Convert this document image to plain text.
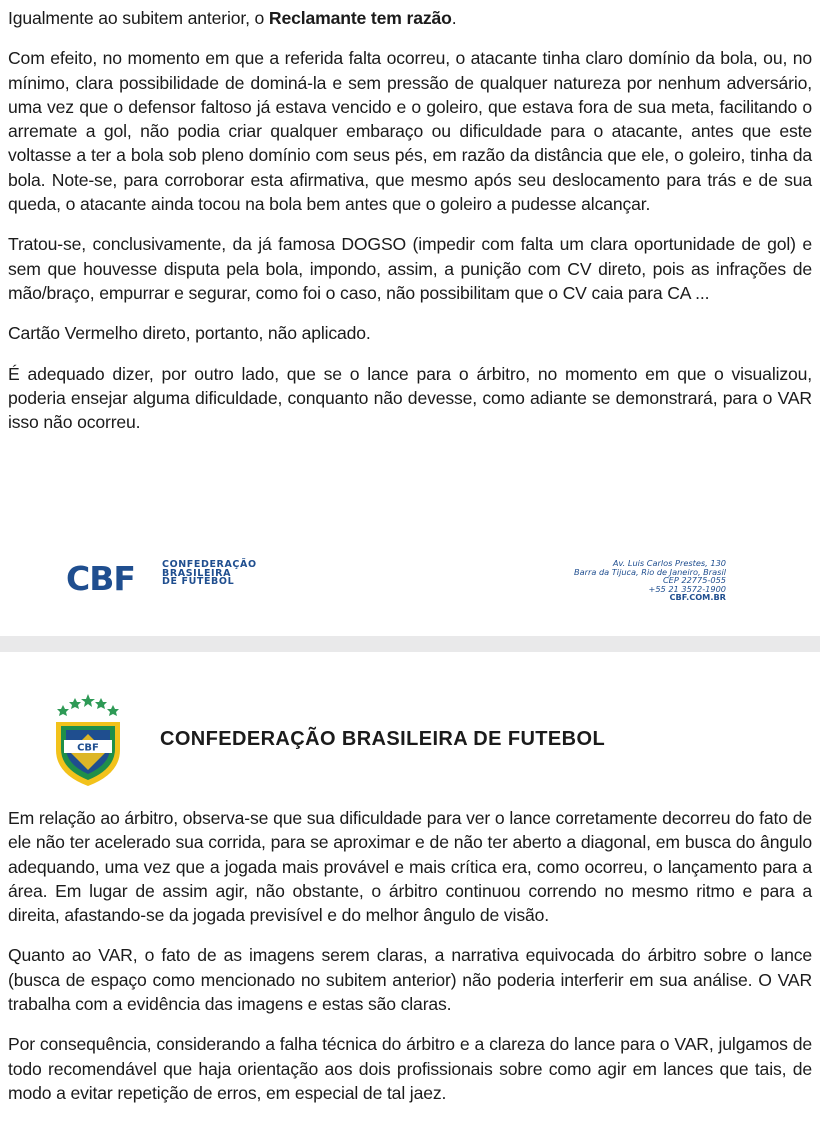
Igualmente ao subitem anterior, o Reclamante tem razão.

Com efeito, no momento em que a referida falta ocorreu, o atacante tinha claro domínio da bola, ou, no mínimo, clara possibilidade de dominá-la e sem pressão de qualquer natureza por nenhum adversário, uma vez que o defensor faltoso já estava vencido e o goleiro, que estava fora de sua meta, facilitando o arremate a gol, não podia criar qualquer embaraço ou dificuldade para o atacante, antes que este voltasse a ter a bola sob pleno domínio com seus pés, em razão da distância que ele, o goleiro, tinha da bola. Note-se, para corroborar esta afirmativa, que mesmo após seu deslocamento para trás e de sua queda, o atacante ainda tocou na bola bem antes que o goleiro a pudesse alcançar.

Tratou-se, conclusivamente, da já famosa DOGSO (impedir com falta um clara oportunidade de gol) e sem que houvesse disputa pela bola, impondo, assim, a punição com CV direto, pois as infrações de mão/braço, empurrar e segurar, como foi o caso, não possibilitam que o CV caia para CA ...

Cartão Vermelho direto, portanto, não aplicado.

É adequado dizer, por outro lado, que se o lance para o árbitro, no momento em que o visualizou, poderia ensejar alguma dificuldade, conquanto não devesse, como adiante se demonstrará, para o VAR isso não ocorreu.

CBF	CONFEDERAÇÃO
BRASILEIRA
DE FUTEBOL
Av. Luis Carlos Prestes, 130
Barra da Tijuca, Rio de Janeiro, Brasil
CEP 22775-055
+55 21 3572-1900
CBF.COM.BR
CBF	CONFEDERAÇÃO BRASILEIRA DE FUTEBOL

Em relação ao árbitro, observa-se que sua dificuldade para ver o lance corretamente decorreu do fato de ele não ter acelerado sua corrida, para se aproximar e de não ter aberto a diagonal, em busca do ângulo adequando, uma vez que a jogada mais provável e mais crítica era, como ocorreu, o lançamento para a área. Em lugar de assim agir, não obstante, o árbitro continuou correndo no mesmo ritmo e para a direita, afastando-se da jogada previsível e do melhor ângulo de visão.

Quanto ao VAR, o fato de as imagens serem claras, a narrativa equivocada do árbitro sobre o lance (busca de espaço como mencionado no subitem anterior) não poderia interferir em sua análise. O VAR trabalha com a evidência das imagens e estas são claras.

Por consequência, considerando a falha técnica do árbitro e a clareza do lance para o VAR, julgamos de todo recomendável que haja orientação aos dois profissionais sobre como agir em lances que tais, de modo a evitar repetição de erros, em especial de tal jaez.
